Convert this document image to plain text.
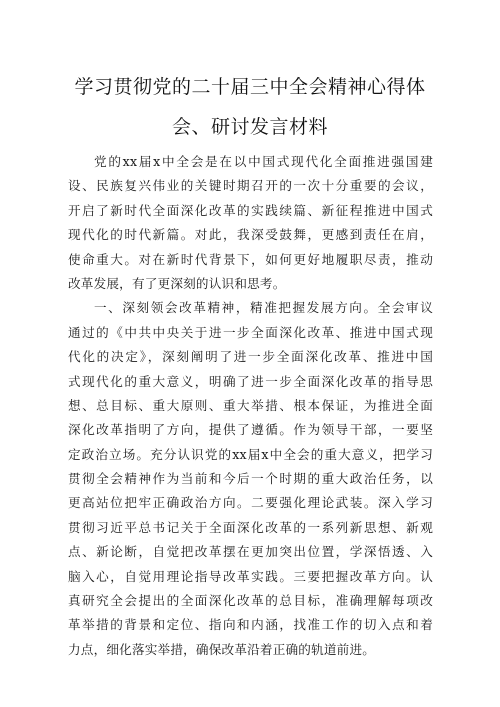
学习贯彻党的二十届三中全会精神心得体
会、研讨发言材料
党的xx届x中全会是在以中国式现代化全面推进强国建
设、民族复兴伟业的关键时期召开的一次十分重要的会议，
开启了新时代全面深化改革的实践续篇、新征程推进中国式
现代化的时代新篇。对此，我深受鼓舞，更感到责任在肩，
使命重大。对在新时代背景下，如何更好地履职尽责，推动
改革发展，有了更深刻的认识和思考。
一、深刻领会改革精神，精准把握发展方向。全会审议
通过的《中共中央关于进一步全面深化改革、推进中国式现
代化的决定》，深刻阐明了进一步全面深化改革、推进中国
式现代化的重大意义，明确了进一步全面深化改革的指导思
想、总目标、重大原则、重大举措、根本保证，为推进全面
深化改革指明了方向，提供了遵循。作为领导干部，一要坚
定政治立场。充分认识党的xx届x中全会的重大意义，把学习
贯彻全会精神作为当前和今后一个时期的重大政治任务，以
更高站位把牢正确政治方向。二要强化理论武装。深入学习
贯彻习近平总书记关于全面深化改革的一系列新思想、新观
点、新论断，自觉把改革摆在更加突出位置，学深悟透、入
脑入心，自觉用理论指导改革实践。三要把握改革方向。认
真研究全会提出的全面深化改革的总目标，准确理解每项改
革举措的背景和定位、指向和内涵，找准工作的切入点和着
力点，细化落实举措，确保改革沿着正确的轨道前进。
